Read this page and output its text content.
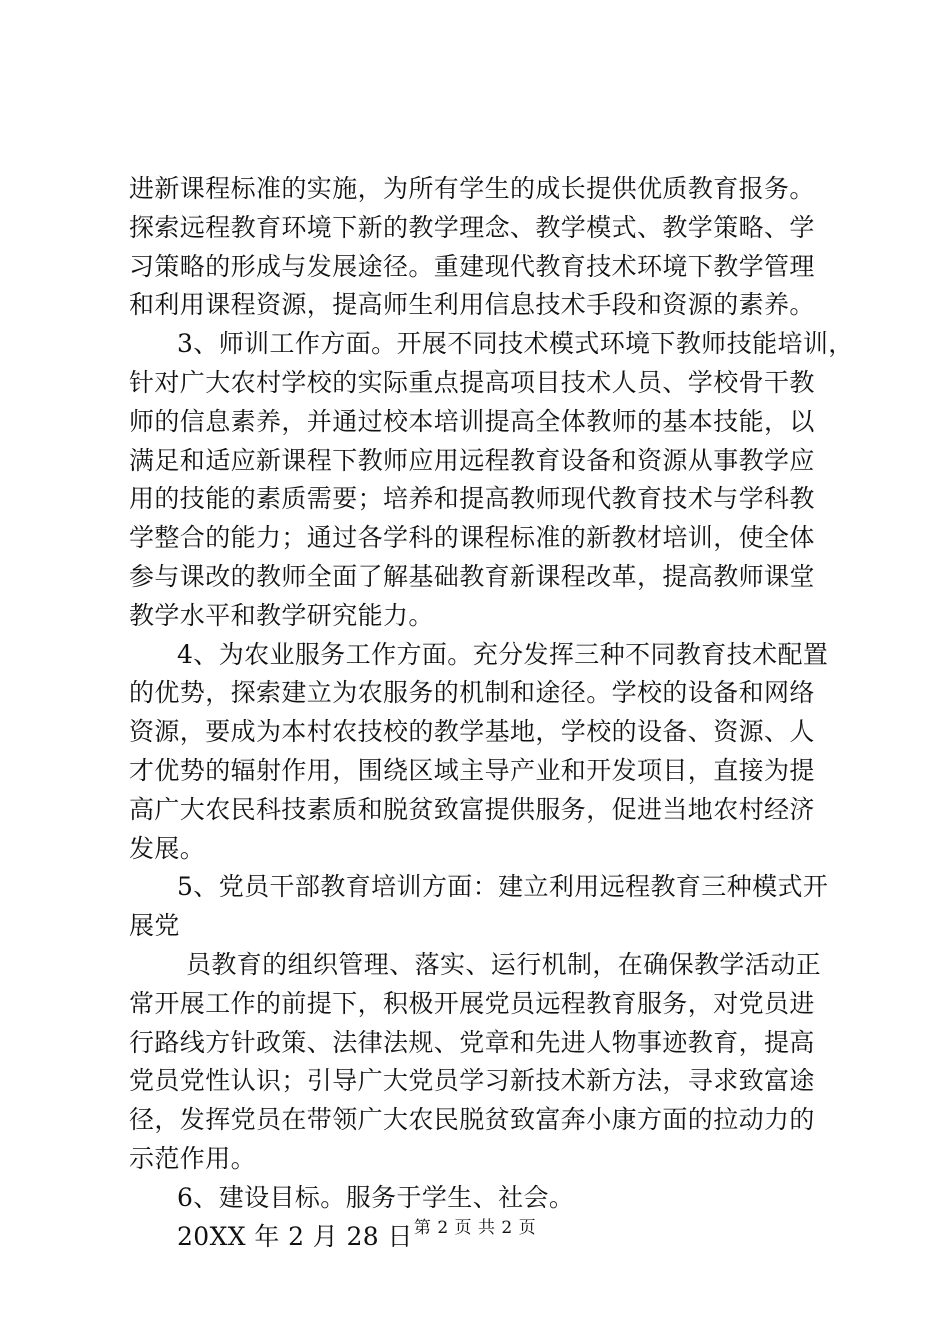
进新课程标准的实施，为所有学生的成长提供优质教育报务。
探索远程教育环境下新的教学理念、教学模式、教学策略、学
习策略的形成与发展途径。重建现代教育技术环境下教学管理
和利用课程资源，提高师生利用信息技术手段和资源的素养。
3、师训工作方面。开展不同技术模式环境下教师技能培训，
针对广大农村学校的实际重点提高项目技术人员、学校骨干教
师的信息素养，并通过校本培训提高全体教师的基本技能，以
满足和适应新课程下教师应用远程教育设备和资源从事教学应
用的技能的素质需要；培养和提高教师现代教育技术与学科教
学整合的能力；通过各学科的课程标准的新教材培训，使全体
参与课改的教师全面了解基础教育新课程改革，提高教师课堂
教学水平和教学研究能力。
4、为农业服务工作方面。充分发挥三种不同教育技术配置
的优势，探索建立为农服务的机制和途径。学校的设备和网络
资源，要成为本村农技校的教学基地，学校的设备、资源、人
才优势的辐射作用，围绕区域主导产业和开发项目，直接为提
高广大农民科技素质和脱贫致富提供服务，促进当地农村经济
发展。
5、党员干部教育培训方面：建立利用远程教育三种模式开
展党
员教育的组织管理、落实、运行机制，在确保教学活动正
常开展工作的前提下，积极开展党员远程教育服务，对党员进
行路线方针政策、法律法规、党章和先进人物事迹教育，提高
党员党性认识；引导广大党员学习新技术新方法，寻求致富途
径，发挥党员在带领广大农民脱贫致富奔小康方面的拉动力的
示范作用。
6、建设目标。服务于学生、社会。
20XX 年 2 月 28 日 第 2 页 共 2 页
